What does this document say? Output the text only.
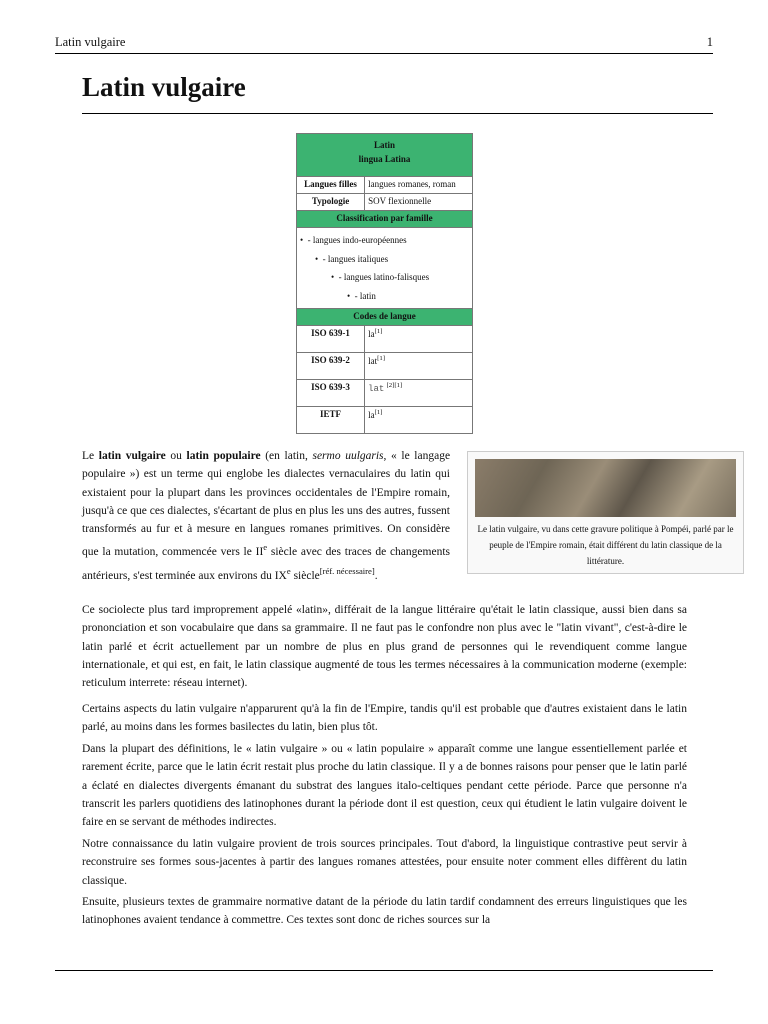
Latin vulgaire	1
Latin vulgaire
Latin
lingua Latina	

Langues filles	langues romanes, roman
Typologie	SOV flexionnelle
Classification par famille	

•  - langues indo-européennes
•  - langues italiques
•  - langues latino-falisques
•  - latin	

Codes de langue	
ISO 639-1	la[1]
ISO 639-2	lat[1]
ISO 639-3	lat [2][1]
IETF	la[1]
Le latin vulgaire, vu dans cette gravure politique à Pompéi, parlé par le peuple de l'Empire romain, était différent du latin classique de la littérature.

Le latin vulgaire ou latin populaire (en latin, sermo uulgaris, « le langage populaire ») est un terme qui englobe les dialectes vernaculaires du latin qui existaient pour la plupart dans les provinces occidentales de l'Empire romain, jusqu'à ce que ces dialectes, s'écartant de plus en plus les uns des autres, fussent transformés au fur et à mesure en langues romanes primitives. On considère que la mutation, commencée vers le IIe siècle avec des traces de changements antérieurs, s'est terminée aux environs du IXe siècle[réf. nécessaire].

Ce sociolecte plus tard improprement appelé «latin», différait de la langue littéraire qu'était le latin classique, aussi bien dans sa prononciation et son vocabulaire que dans sa grammaire. Il ne faut pas le confondre non plus avec le "latin vivant", c'est-à-dire le latin parlé et écrit actuellement par un nombre de plus en plus grand de personnes qui le revendiquent comme langue internationale, et qui est, en fait, le latin classique augmenté de tous les termes nécessaires à la communication moderne (exemple: reticulum interrete: réseau internet).

Certains aspects du latin vulgaire n'apparurent qu'à la fin de l'Empire, tandis qu'il est probable que d'autres existaient dans le latin parlé, au moins dans les formes basilectes du latin, bien plus tôt.

Dans la plupart des définitions, le « latin vulgaire » ou « latin populaire » apparaît comme une langue essentiellement parlée et rarement écrite, parce que le latin écrit restait plus proche du latin classique. Il y a de bonnes raisons pour penser que le latin parlé a éclaté en dialectes divergents émanant du substrat des langues italo-celtiques pendant cette période. Parce que personne n'a transcrit les parlers quotidiens des latinophones durant la période dont il est question, ceux qui étudient le latin vulgaire doivent le faire en se servant de méthodes indirectes.

Notre connaissance du latin vulgaire provient de trois sources principales. Tout d'abord, la linguistique contrastive peut servir à reconstruire ses formes sous-jacentes à partir des langues romanes attestées, pour ensuite noter comment elles diffèrent du latin classique.

Ensuite, plusieurs textes de grammaire normative datant de la période du latin tardif condamnent des erreurs linguistiques que les latinophones avaient tendance à commettre. Ces textes sont donc de riches sources sur la
